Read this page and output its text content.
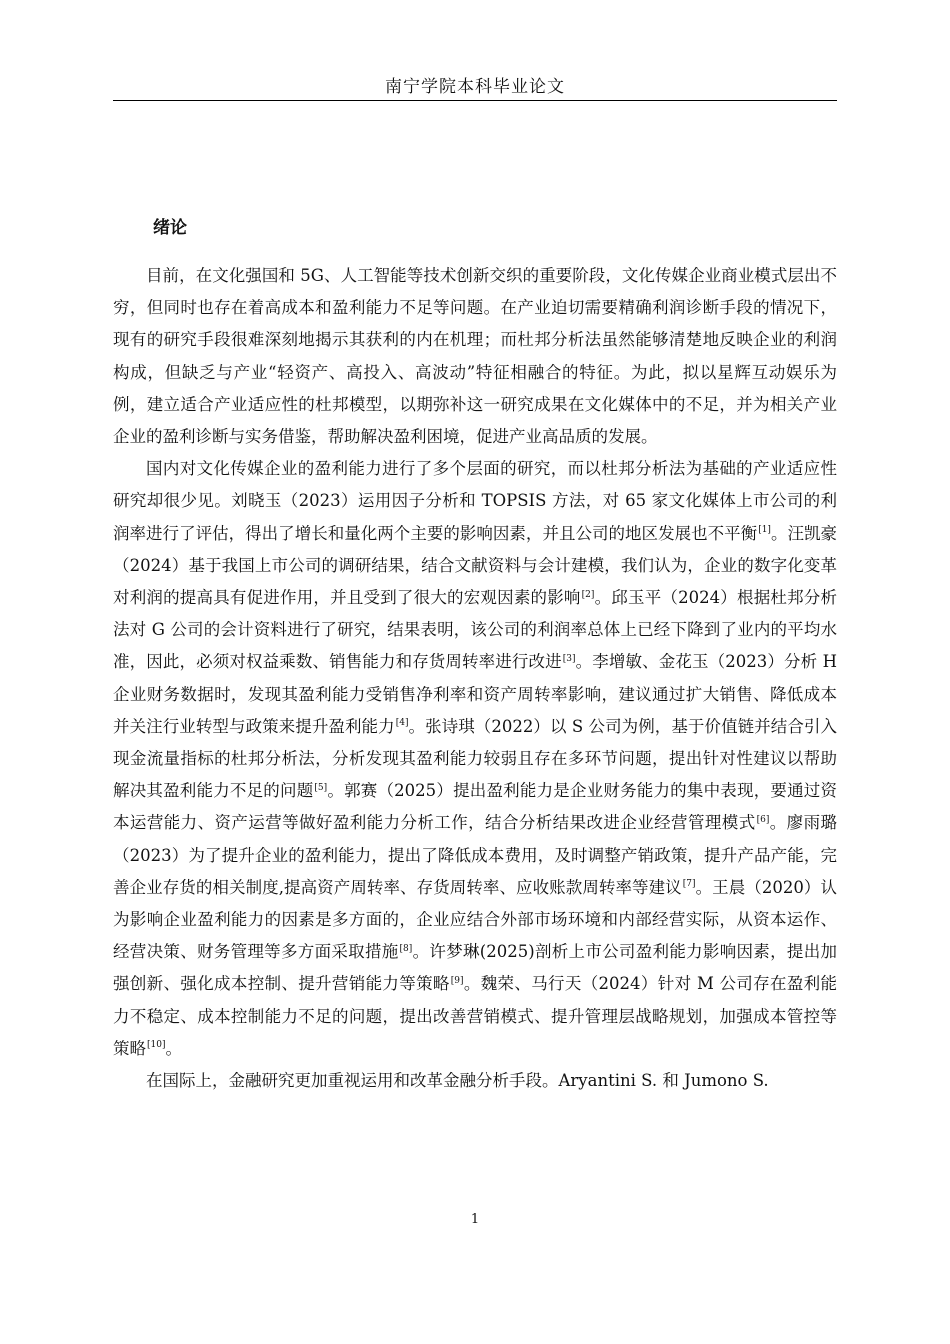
南宁学院本科毕业论文
绪论

目前，在文化强国和 5G、人工智能等技术创新交织的重要阶段，文化传媒企业商业模式层出不穷，但同时也存在着高成本和盈利能力不足等问题。在产业迫切需要精确利润诊断手段的情况下，现有的研究手段很难深刻地揭示其获利的内在机理；而杜邦分析法虽然能够清楚地反映企业的利润构成，但缺乏与产业“轻资产、高投入、高波动”特征相融合的特征。为此，拟以星辉互动娱乐为例，建立适合产业适应性的杜邦模型，以期弥补这一研究成果在文化媒体中的不足，并为相关产业企业的盈利诊断与实务借鉴，帮助解决盈利困境，促进产业高品质的发展。

国内对文化传媒企业的盈利能力进行了多个层面的研究，而以杜邦分析法为基础的产业适应性研究却很少见。刘晓玉（2023）运用因子分析和 TOPSIS 方法，对 65 家文化媒体上市公司的利润率进行了评估，得出了增长和量化两个主要的影响因素，并且公司的地区发展也不平衡[1]。汪凯豪（2024）基于我国上市公司的调研结果，结合文献资料与会计建模，我们认为，企业的数字化变革对利润的提高具有促进作用，并且受到了很大的宏观因素的影响[2]。邱玉平（2024）根据杜邦分析法对 G 公司的会计资料进行了研究，结果表明，该公司的利润率总体上已经下降到了业内的平均水准，因此，必须对权益乘数、销售能力和存货周转率进行改进[3]。李增敏、金花玉（2023）分析 H 企业财务数据时，发现其盈利能力受销售净利率和资产周转率影响，建议通过扩大销售、降低成本并关注行业转型与政策来提升盈利能力[4]。张诗琪（2022）以 S 公司为例，基于价值链并结合引入现金流量指标的杜邦分析法，分析发现其盈利能力较弱且存在多环节问题，提出针对性建议以帮助解决其盈利能力不足的问题[5]。郭赛（2025）提出盈利能力是企业财务能力的集中表现，要通过资本运营能力、资产运营等做好盈利能力分析工作，结合分析结果改进企业经营管理模式[6]。廖雨璐（2023）为了提升企业的盈利能力，提出了降低成本费用，及时调整产销政策，提升产品产能，完善企业存货的相关制度,提高资产周转率、存货周转率、应收账款周转率等建议[7]。王晨（2020）认为影响企业盈利能力的因素是多方面的，企业应结合外部市场环境和内部经营实际，从资本运作、经营决策、财务管理等多方面采取措施[8]。许梦琳(2025)剖析上市公司盈利能力影响因素，提出加强创新、强化成本控制、提升营销能力等策略[9]。魏荣、马行天（2024）针对 M 公司存在盈利能力不稳定、成本控制能力不足的问题，提出改善营销模式、提升管理层战略规划，加强成本管控等策略[10]。

在国际上，金融研究更加重视运用和改革金融分析手段。Aryantini S. 和 Jumono S.

1
